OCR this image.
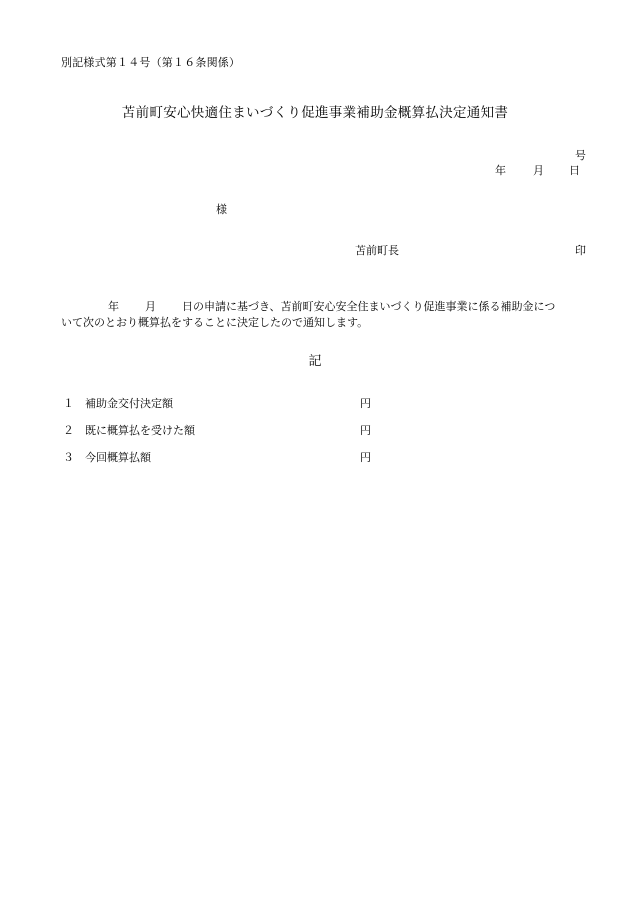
別記様式第１４号（第１６条関係）
苫前町安心快適住まいづくり促進事業補助金概算払決定通知書
号
年 月 日
様
苫前町長	印
年 月 日の申請に基づき、苫前町安心安全住まいづくり促進事業に係る補助金につ
いて次のとおり概算払をすることに決定したので通知します。
記
１	補助金交付決定額	円
２	既に概算払を受けた額	円
３	今回概算払額	円
